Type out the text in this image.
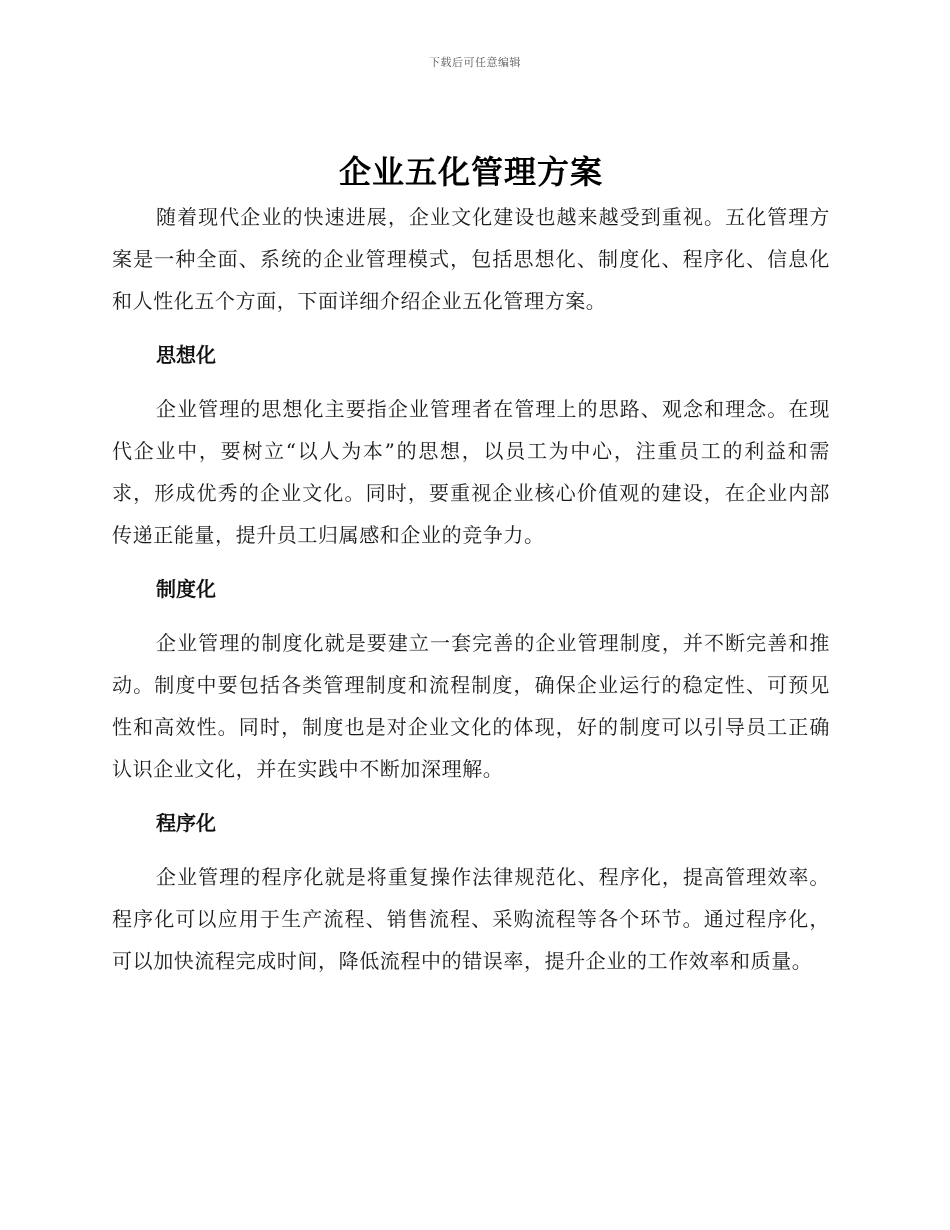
下载后可任意编辑
企业五化管理方案

随着现代企业的快速进展，企业文化建设也越来越受到重视。五化管理方案是一种全面、系统的企业管理模式，包括思想化、制度化、程序化、信息化和人性化五个方面，下面详细介绍企业五化管理方案。

思想化

企业管理的思想化主要指企业管理者在管理上的思路、观念和理念。在现代企业中，要树立“以人为本”的思想，以员工为中心，注重员工的利益和需求，形成优秀的企业文化。同时，要重视企业核心价值观的建设，在企业内部传递正能量，提升员工归属感和企业的竞争力。

制度化

企业管理的制度化就是要建立一套完善的企业管理制度，并不断完善和推动。制度中要包括各类管理制度和流程制度，确保企业运行的稳定性、可预见性和高效性。同时，制度也是对企业文化的体现，好的制度可以引导员工正确认识企业文化，并在实践中不断加深理解。

程序化

企业管理的程序化就是将重复操作法律规范化、程序化，提高管理效率。程序化可以应用于生产流程、销售流程、采购流程等各个环节。通过程序化，可以加快流程完成时间，降低流程中的错误率，提升企业的工作效率和质量。
